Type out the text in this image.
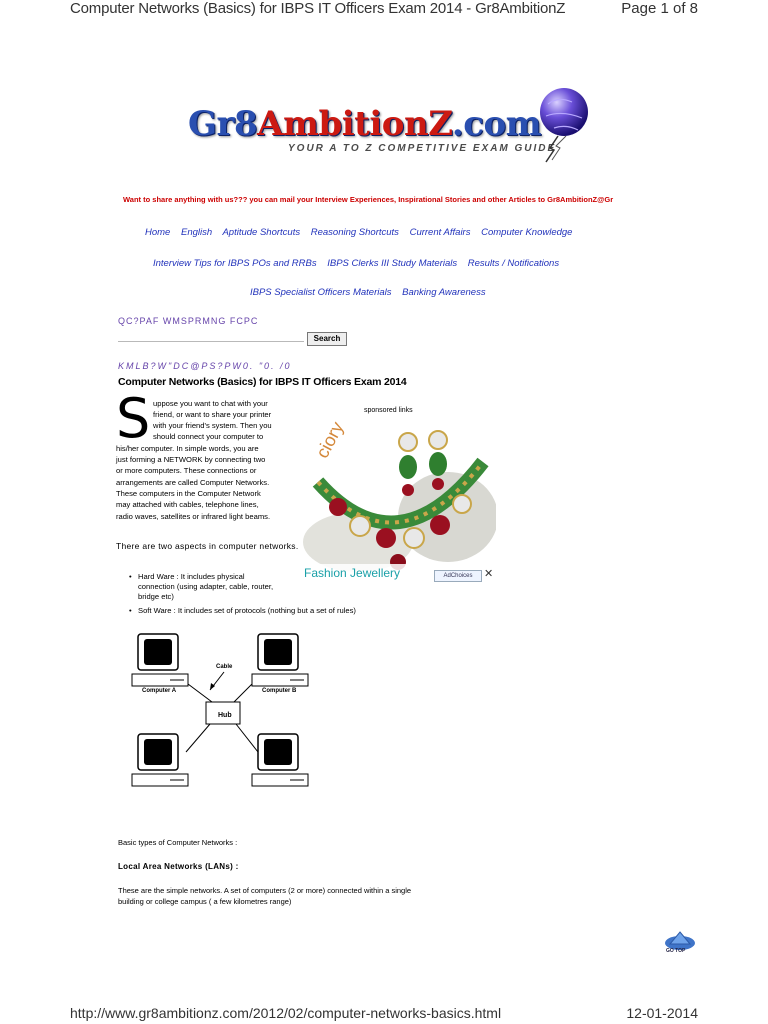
Computer Networks (Basics) for IBPS IT Officers Exam 2014 - Gr8AmbitionZ	Page 1 of 8
Gr8AmbitionZ.com
YOUR A TO Z COMPETITIVE EXAM GUIDE
Want to share anything with us??? you can mail your Interview Experiences, Inspirational Stories and other Articles to Gr8AmbitionZ@Gr
Home English Aptitude Shortcuts Reasoning Shortcuts Current Affairs Computer Knowledge
Interview Tips for IBPS POs and RRBs IBPS Clerks III Study Materials Results / Notifications
IBPS Specialist Officers Materials Banking Awareness
QC?PAF WMSPRMNG FCPC
Search
KMLB?W"DC@PS?PW0. "0. /0
Computer Networks (Basics) for IBPS IT Officers Exam 2014
S uppose you want to chat with your
friend, or want to share your printer
with your friend's system. Then you
should connect your computer to
his/her computer. In simple words, you are
just forming a NETWORK by connecting two
or more computers. These connections or
arrangements are called Computer Networks.
These computers in the Computer Network
may attached with cables, telephone lines,
radio waves, satellites or infrared light beams.
sponsored links
ciory
Fashion Jewellery	AdChoices	✕
There are two aspects in computer networks.
• Hard Ware : It includes physical
connection (using adapter, cable, router,
bridge etc)
• Soft Ware : It includes set of protocols (nothing but a set of rules)
Cable
Computer A	Computer B
Hub
Basic types of Computer Networks :
Local Area Networks (LANs) :
These are the simple networks. A set of computers (2 or more) connected within a single
building or college campus ( a few kilometres range)
GO TOP
http://www.gr8ambitionz.com/2012/02/computer-networks-basics.html	12-01-2014
